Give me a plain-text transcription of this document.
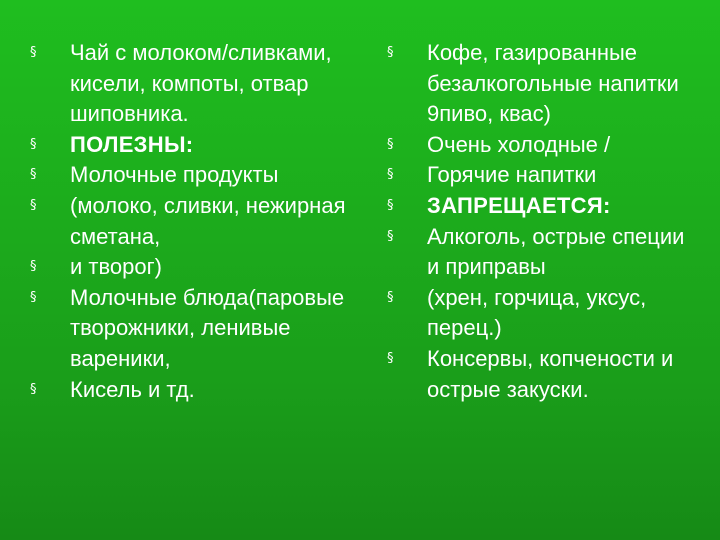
§	Чай с молоком/сливками, кисели, компоты, отвар шиповника.
§	ПОЛЕЗНЫ:
§	Молочные продукты
§	(молоко, сливки, нежирная сметана,
§	и творог)
§	Молочные блюда(паровые творожники, ленивые вареники,
§	Кисель и тд.
§	Кофе, газированные безалкогольные напитки 9пиво, квас)
§	Очень холодные /
§	Горячие напитки
§	ЗАПРЕЩАЕТСЯ:
§	Алкоголь, острые специи и приправы
§	(хрен, горчица, уксус, перец.)
§	Консервы, копчености и острые закуски.
